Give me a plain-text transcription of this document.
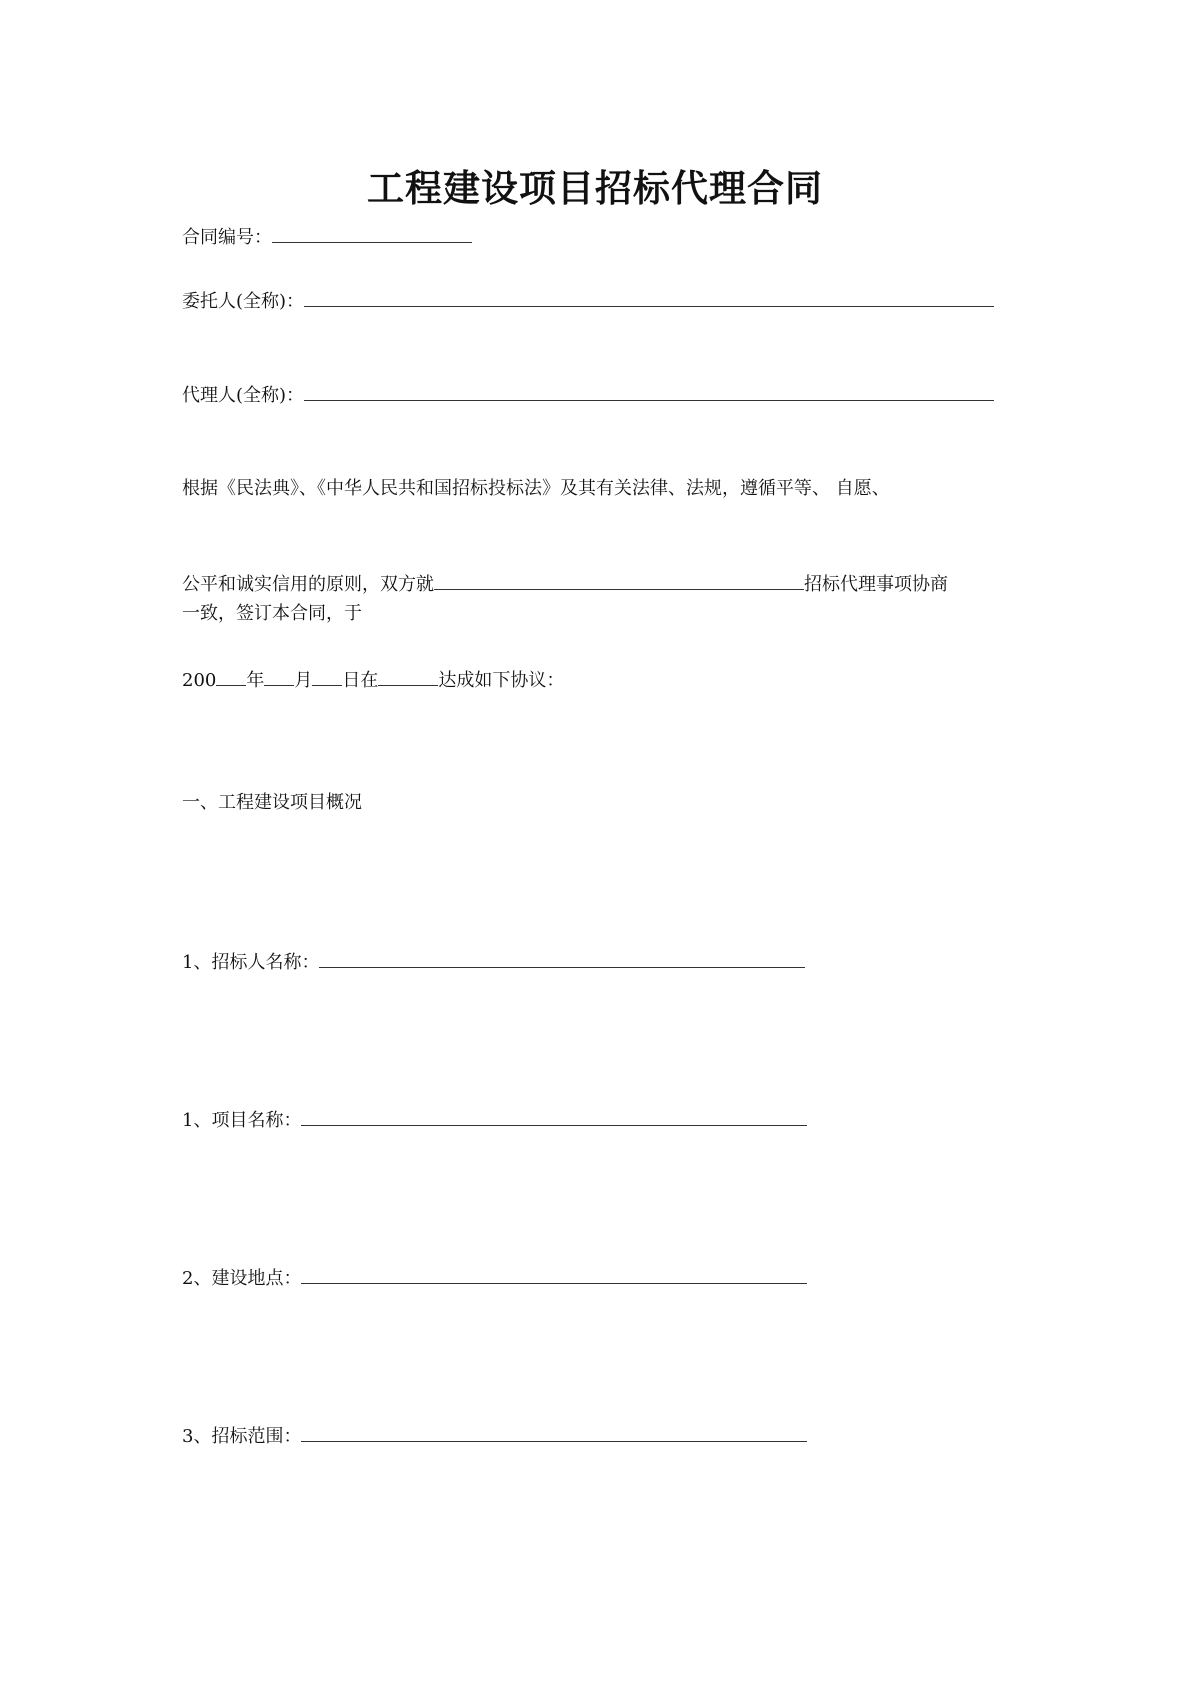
工程建设项目招标代理合同
合同编号：
委托人(全称)：
代理人(全称)：
根据《民法典》、《中华人民共和国招标投标法》及其有关法律、法规，遵循平等、 自愿、
公平和诚实信用的原则，双方就	招标代理事项协商
一致，签订本合同，于
200 年 月 日在	达成如下协议：
一、工程建设项目概况
1、招标人名称：
1、项目名称：
2、建设地点：
3、招标范围：
